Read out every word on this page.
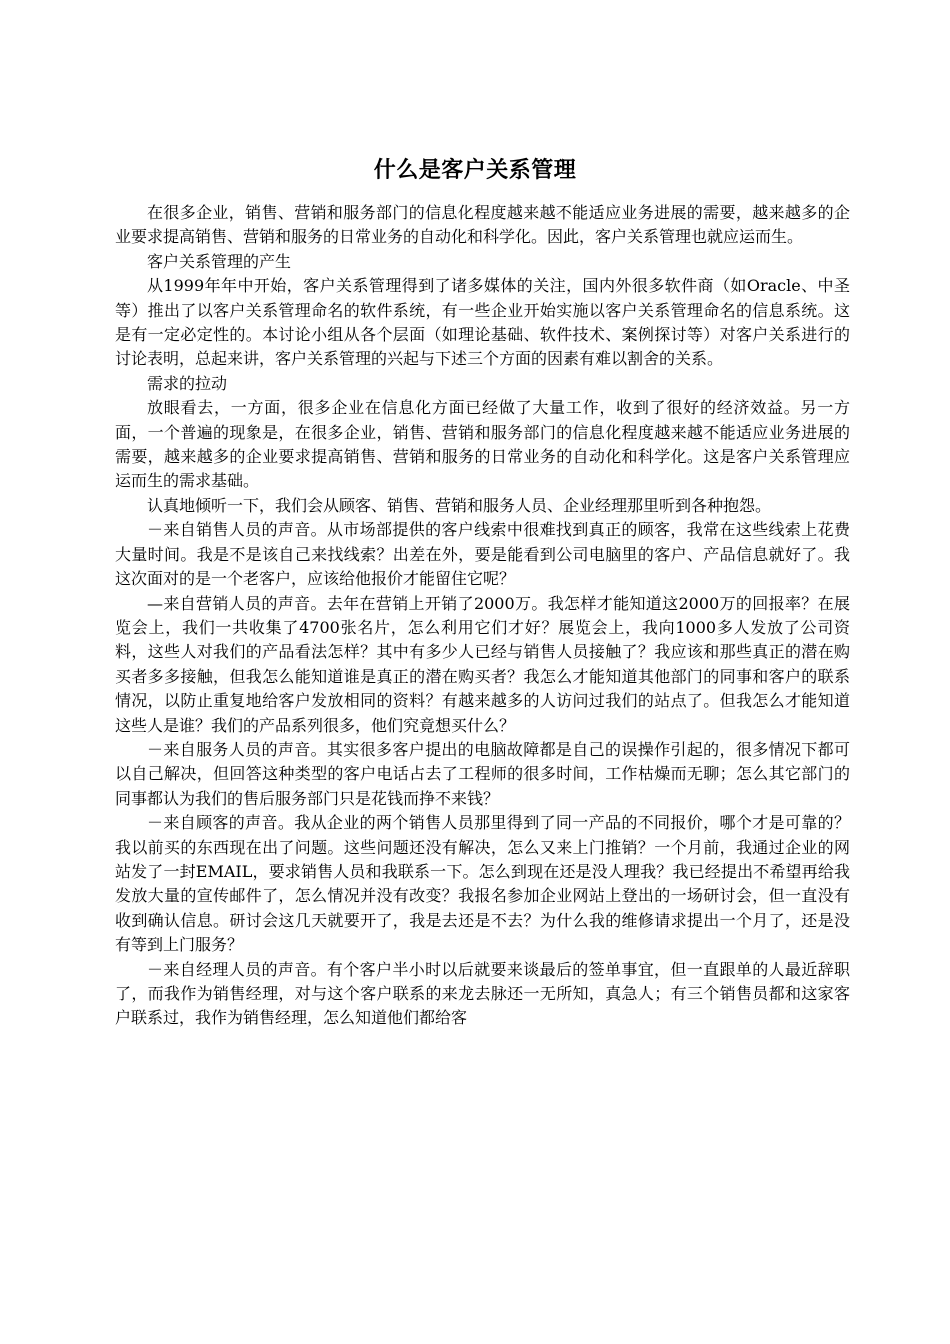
什么是客户关系管理

在很多企业，销售、营销和服务部门的信息化程度越来越不能适应业务进展的需要，越来越多的企业要求提高销售、营销和服务的日常业务的自动化和科学化。因此，客户关系管理也就应运而生。

客户关系管理的产生

从1999年年中开始，客户关系管理得到了诸多媒体的关注，国内外很多软件商（如Oracle、中圣等）推出了以客户关系管理命名的软件系统，有一些企业开始实施以客户关系管理命名的信息系统。这是有一定必定性的。本讨论小组从各个层面（如理论基础、软件技术、案例探讨等）对客户关系进行的讨论表明，总起来讲，客户关系管理的兴起与下述三个方面的因素有难以割舍的关系。

需求的拉动

放眼看去，一方面，很多企业在信息化方面已经做了大量工作，收到了很好的经济效益。另一方面，一个普遍的现象是，在很多企业，销售、营销和服务部门的信息化程度越来越不能适应业务进展的需要，越来越多的企业要求提高销售、营销和服务的日常业务的自动化和科学化。这是客户关系管理应运而生的需求基础。

认真地倾听一下，我们会从顾客、销售、营销和服务人员、企业经理那里听到各种抱怨。

－来自销售人员的声音。从市场部提供的客户线索中很难找到真正的顾客，我常在这些线索上花费大量时间。我是不是该自己来找线索？出差在外，要是能看到公司电脑里的客户、产品信息就好了。我这次面对的是一个老客户，应该给他报价才能留住它呢？

—来自营销人员的声音。去年在营销上开销了2000万。我怎样才能知道这2000万的回报率？在展览会上，我们一共收集了4700张名片，怎么利用它们才好？展览会上，我向1000多人发放了公司资料，这些人对我们的产品看法怎样？其中有多少人已经与销售人员接触了？我应该和那些真正的潜在购买者多多接触，但我怎么能知道谁是真正的潜在购买者？我怎么才能知道其他部门的同事和客户的联系情况，以防止重复地给客户发放相同的资料？有越来越多的人访问过我们的站点了。但我怎么才能知道这些人是谁？我们的产品系列很多，他们究竟想买什么？

－来自服务人员的声音。其实很多客户提出的电脑故障都是自己的误操作引起的，很多情况下都可以自己解决，但回答这种类型的客户电话占去了工程师的很多时间，工作枯燥而无聊；怎么其它部门的同事都认为我们的售后服务部门只是花钱而挣不来钱？

－来自顾客的声音。我从企业的两个销售人员那里得到了同一产品的不同报价，哪个才是可靠的？我以前买的东西现在出了问题。这些问题还没有解决，怎么又来上门推销？一个月前，我通过企业的网站发了一封EMAIL，要求销售人员和我联系一下。怎么到现在还是没人理我？我已经提出不希望再给我发放大量的宣传邮件了，怎么情况并没有改变？我报名参加企业网站上登出的一场研讨会，但一直没有收到确认信息。研讨会这几天就要开了，我是去还是不去？为什么我的维修请求提出一个月了，还是没有等到上门服务？

－来自经理人员的声音。有个客户半小时以后就要来谈最后的签单事宜，但一直跟单的人最近辞职了，而我作为销售经理，对与这个客户联系的来龙去脉还一无所知，真急人；有三个销售员都和这家客户联系过，我作为销售经理，怎么知道他们都给客
